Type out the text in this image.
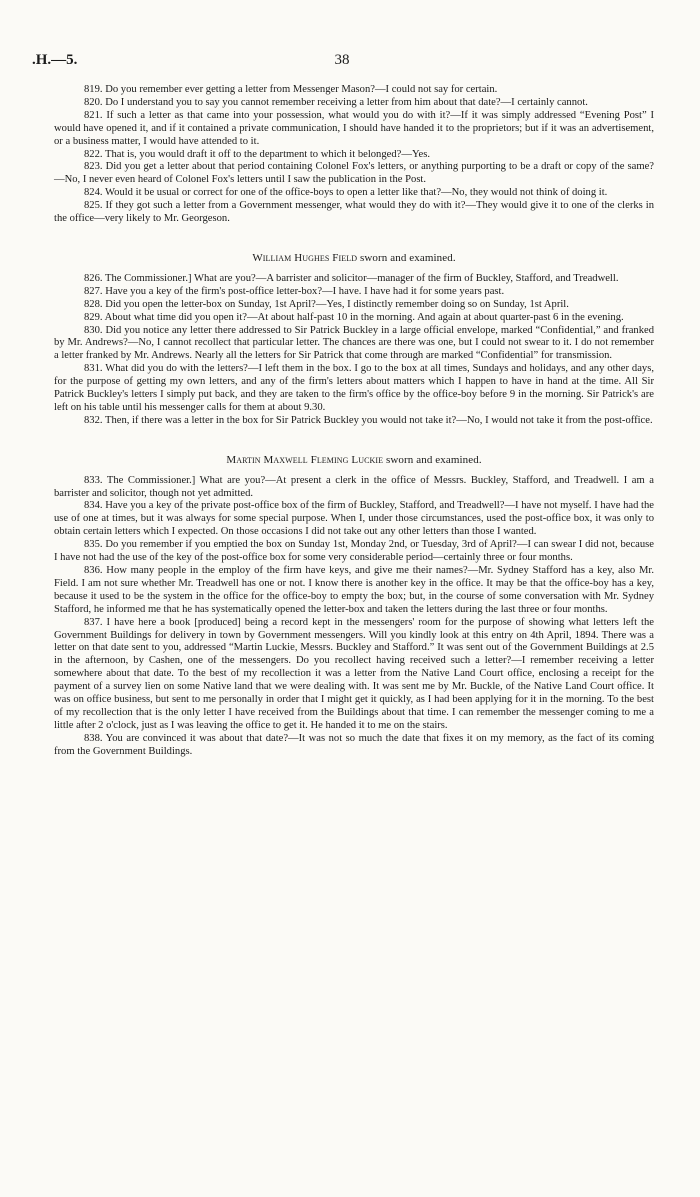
.H.—5.	38

819. Do you remember ever getting a letter from Messenger Mason?—I could not say for certain.

820. Do I understand you to say you cannot remember receiving a letter from him about that date?—I certainly cannot.

821. If such a letter as that came into your possession, what would you do with it?—If it was simply addressed “Evening Post” I would have opened it, and if it contained a private communication, I should have handed it to the proprietors; but if it was an advertisement, or a business matter, I would have attended to it.

822. That is, you would draft it off to the department to which it belonged?—Yes.

823. Did you get a letter about that period containing Colonel Fox's letters, or anything purporting to be a draft or copy of the same?—No, I never even heard of Colonel Fox's letters until I saw the publication in the Post.

824. Would it be usual or correct for one of the office-boys to open a letter like that?—No, they would not think of doing it.

825. If they got such a letter from a Government messenger, what would they do with it?—They would give it to one of the clerks in the office—very likely to Mr. Georgeson.

William Hughes Field sworn and examined.

826. The Commissioner.] What are you?—A barrister and solicitor—manager of the firm of Buckley, Stafford, and Treadwell.

827. Have you a key of the firm's post-office letter-box?—I have. I have had it for some years past.

828. Did you open the letter-box on Sunday, 1st April?—Yes, I distinctly remember doing so on Sunday, 1st April.

829. About what time did you open it?—At about half-past 10 in the morning. And again at about quarter-past 6 in the evening.

830. Did you notice any letter there addressed to Sir Patrick Buckley in a large official envelope, marked “Confidential,” and franked by Mr. Andrews?—No, I cannot recollect that particular letter. The chances are there was one, but I could not swear to it. I do not remember a letter franked by Mr. Andrews. Nearly all the letters for Sir Patrick that come through are marked “Confidential” for transmission.

831. What did you do with the letters?—I left them in the box. I go to the box at all times, Sundays and holidays, and any other days, for the purpose of getting my own letters, and any of the firm's letters about matters which I happen to have in hand at the time. All Sir Patrick Buckley's letters I simply put back, and they are taken to the firm's office by the office-boy before 9 in the morning. Sir Patrick's are left on his table until his messenger calls for them at about 9.30.

832. Then, if there was a letter in the box for Sir Patrick Buckley you would not take it?—No, I would not take it from the post-office.

Martin Maxwell Fleming Luckie sworn and examined.

833. The Commissioner.] What are you?—At present a clerk in the office of Messrs. Buckley, Stafford, and Treadwell. I am a barrister and solicitor, though not yet admitted.

834. Have you a key of the private post-office box of the firm of Buckley, Stafford, and Treadwell?—I have not myself. I have had the use of one at times, but it was always for some special purpose. When I, under those circumstances, used the post-office box, it was only to obtain certain letters which I expected. On those occasions I did not take out any other letters than those I wanted.

835. Do you remember if you emptied the box on Sunday 1st, Monday 2nd, or Tuesday, 3rd of April?—I can swear I did not, because I have not had the use of the key of the post-office box for some very considerable period—certainly three or four months.

836. How many people in the employ of the firm have keys, and give me their names?—Mr. Sydney Stafford has a key, also Mr. Field. I am not sure whether Mr. Treadwell has one or not. I know there is another key in the office. It may be that the office-boy has a key, because it used to be the system in the office for the office-boy to empty the box; but, in the course of some conversation with Mr. Sydney Stafford, he informed me that he has systematically opened the letter-box and taken the letters during the last three or four months.

837. I have here a book [produced] being a record kept in the messengers' room for the purpose of showing what letters left the Government Buildings for delivery in town by Government messengers. Will you kindly look at this entry on 4th April, 1894. There was a letter on that date sent to you, addressed “Martin Luckie, Messrs. Buckley and Stafford.” It was sent out of the Government Buildings at 2.5 in the afternoon, by Cashen, one of the messengers. Do you recollect having received such a letter?—I remember receiving a letter somewhere about that date. To the best of my recollection it was a letter from the Native Land Court office, enclosing a receipt for the payment of a survey lien on some Native land that we were dealing with. It was sent me by Mr. Buckle, of the Native Land Court office. It was on office business, but sent to me personally in order that I might get it quickly, as I had been applying for it in the morning. To the best of my recollection that is the only letter I have received from the Buildings about that time. I can remember the messenger coming to me a little after 2 o'clock, just as I was leaving the office to get it. He handed it to me on the stairs.

838. You are convinced it was about that date?—It was not so much the date that fixes it on my memory, as the fact of its coming from the Government Buildings.
